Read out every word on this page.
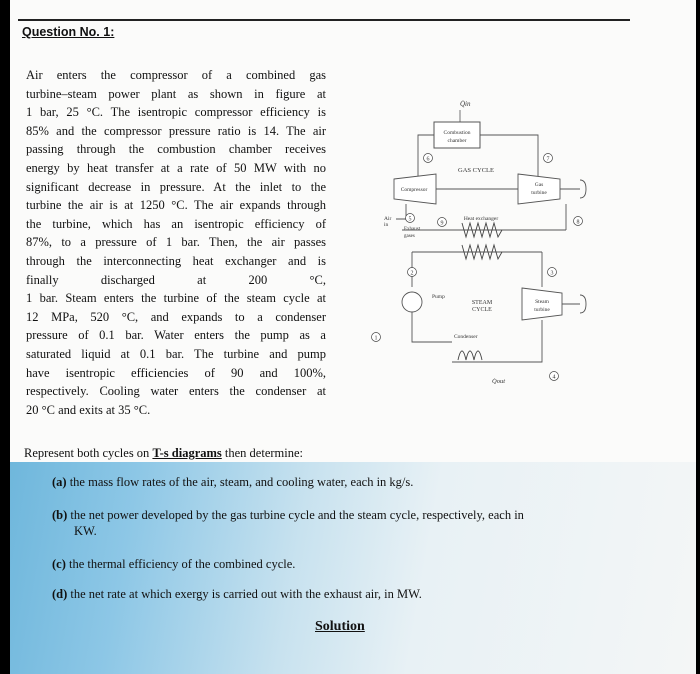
Question No. 1:
Air enters the compressor of a combined gas
turbine–steam power plant as shown in figure at
1 bar, 25 °C. The isentropic compressor efficiency is
85% and the compressor pressure ratio is 14. The air
passing through the combustion chamber receives
energy by heat transfer at a rate of 50 MW with no
significant decrease in pressure. At the inlet to the
turbine the air is at 1250 °C. The air expands through
the turbine, which has an isentropic efficiency of
87%, to a pressure of 1 bar. Then, the air passes
through the interconnecting heat exchanger and is
finally discharged at 200 °C,
1 bar. Steam enters the turbine of the steam cycle at
12 MPa, 520 °C, and expands to a condenser
pressure of 0.1 bar. Water enters the pump as a
saturated liquid at 0.1 bar. The turbine and pump
have isentropic efficiencies of 90 and 100%,
respectively. Cooling water enters the condenser at
20 °C and exits at 35 °C.
Combustion
chamber
Q̇in
GAS CYCLE
Compressor
Gas
turbine
Air
in
Exhaust
gases
Heat exchanger
Pump
STEAM
CYCLE
Steam
turbine
Condenser
Q̇out
1
2	3
4
5
6	7
8
9
Represent both cycles on T-s diagrams then determine:
(a) the mass flow rates of the air, steam, and cooling water, each in kg/s.
(b) the net power developed by the gas turbine cycle and the steam cycle, respectively, each in
KW.
(c) the thermal efficiency of the combined cycle.
(d) the net rate at which exergy is carried out with the exhaust air, in MW.
Solution
